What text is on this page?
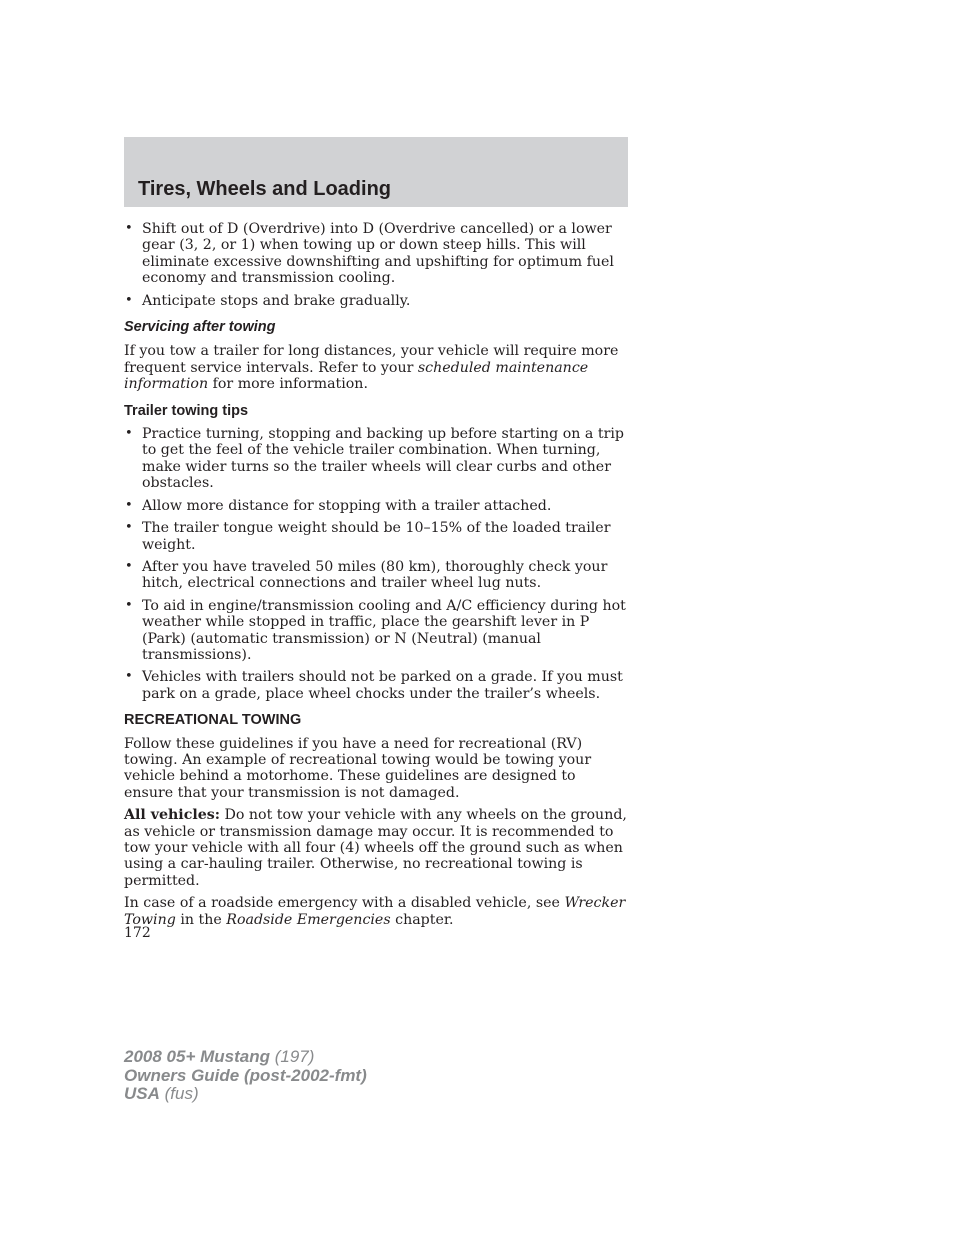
Tires, Wheels and Loading
• Shift out of D (Overdrive) into D (Overdrive cancelled) or a lower gear (3, 2, or 1) when towing up or down steep hills. This will eliminate excessive downshifting and upshifting for optimum fuel economy and transmission cooling.
• Anticipate stops and brake gradually.
Servicing after towing

If you tow a trailer for long distances, your vehicle will require more frequent service intervals. Refer to your scheduled maintenance information for more information.

Trailer towing tips
• Practice turning, stopping and backing up before starting on a trip to get the feel of the vehicle trailer combination. When turning, make wider turns so the trailer wheels will clear curbs and other obstacles.
• Allow more distance for stopping with a trailer attached.
• The trailer tongue weight should be 10–15% of the loaded trailer weight.
• After you have traveled 50 miles (80 km), thoroughly check your hitch, electrical connections and trailer wheel lug nuts.
• To aid in engine/transmission cooling and A/C efficiency during hot weather while stopped in traffic, place the gearshift lever in P (Park) (automatic transmission) or N (Neutral) (manual transmissions).
• Vehicles with trailers should not be parked on a grade. If you must park on a grade, place wheel chocks under the trailer’s wheels.
RECREATIONAL TOWING

Follow these guidelines if you have a need for recreational (RV) towing. An example of recreational towing would be towing your vehicle behind a motorhome. These guidelines are designed to ensure that your transmission is not damaged.

All vehicles: Do not tow your vehicle with any wheels on the ground, as vehicle or transmission damage may occur. It is recommended to tow your vehicle with all four (4) wheels off the ground such as when using a car-hauling trailer. Otherwise, no recreational towing is permitted.

In case of a roadside emergency with a disabled vehicle, see Wrecker Towing in the Roadside Emergencies chapter.

172
2008 05+ Mustang (197)
Owners Guide (post-2002-fmt)
USA (fus)
